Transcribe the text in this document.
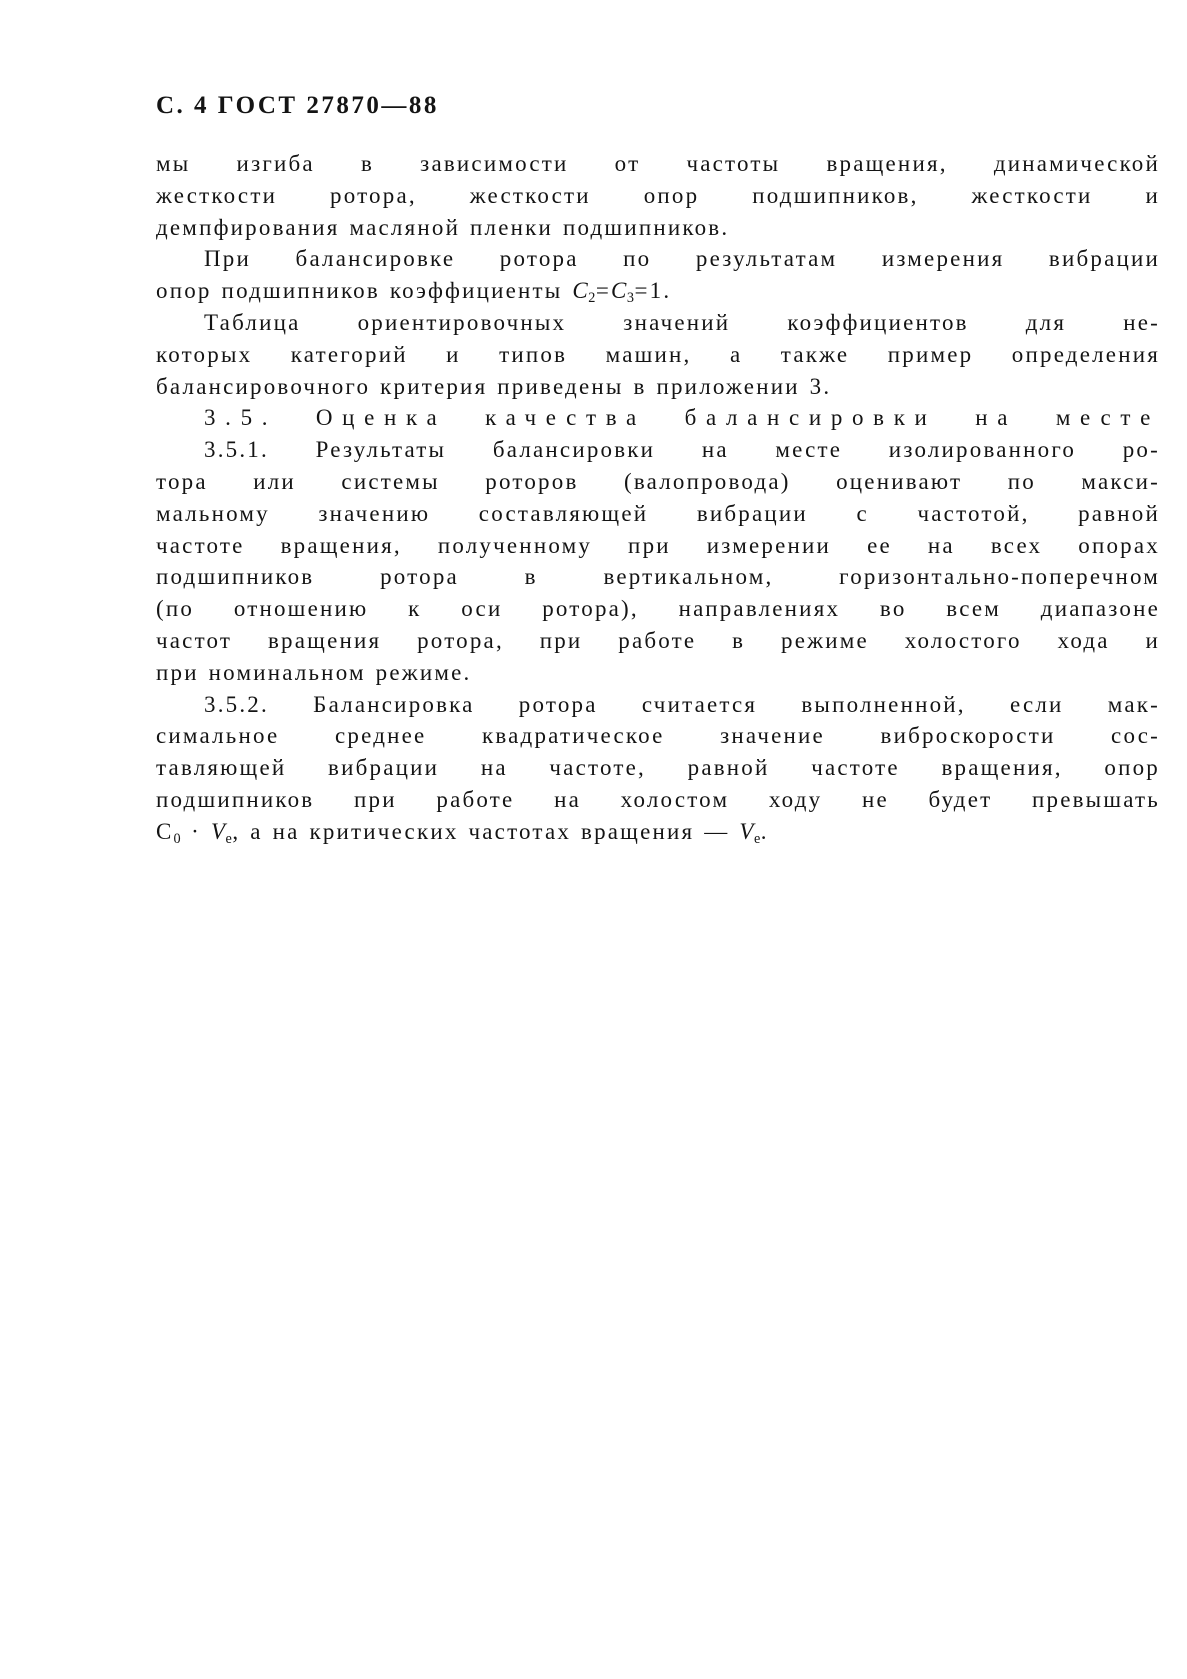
С. 4 ГОСТ 27870—88
мы изгиба в зависимости от частоты вращения, динамической
жесткости ротора, жесткости опор подшипников, жесткости и
демпфирования масляной пленки подшипников.
При балансировке ротора по результатам измерения вибрации
опор подшипников коэффициенты $С_2=С_3=1$.
Таблица ориентировочных значений коэффициентов для не-
которых категорий и типов машин, а также пример определения
балансировочного критерия приведены в приложении 3.
3.5. Оценка качества балансировки на месте
3.5.1. Результаты балансировки на месте изолированного ро-
тора или системы роторов (валопровода) оценивают по макси-
мальному значению составляющей вибрации с частотой, равной
частоте вращения, полученному при измерении ее на всех опорах
подшипников ротора в вертикальном, горизонтально-поперечном
(по отношению к оси ротора), направлениях во всем диапазоне
частот вращения ротора, при работе в режиме холостого хода и
при номинальном режиме.
3.5.2. Балансировка ротора считается выполненной, если мак-
симальное среднее квадратическое значение виброскорости сос-
тавляющей вибрации на частоте, равной частоте вращения, опор
подшипников при работе на холостом ходу не будет превышать
$С_0 \cdot V_е$, а на критических частотах вращения — $V_е$.
